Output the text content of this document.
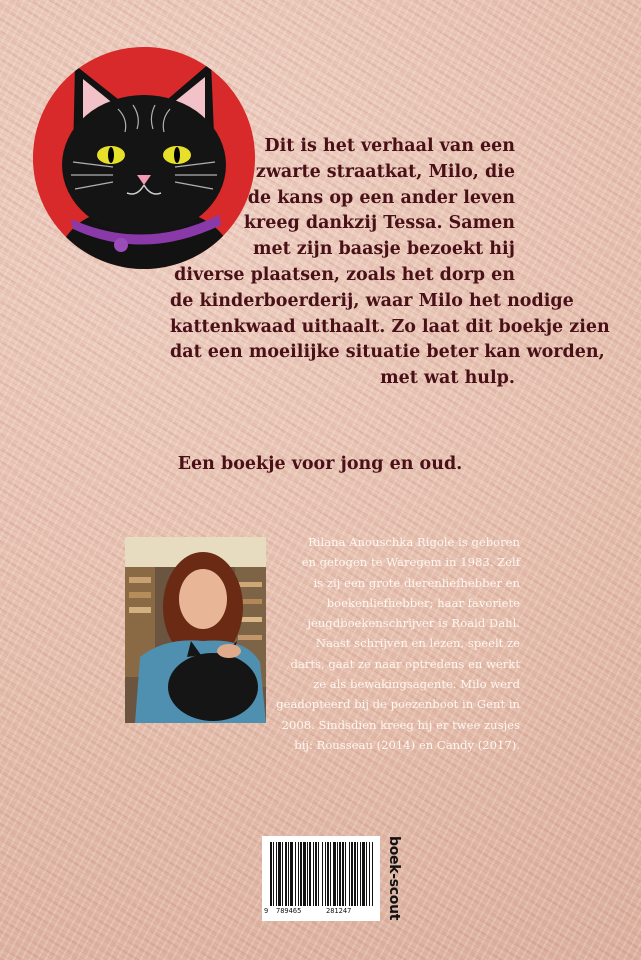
Dit is het verhaal van een
zwarte straatkat, Milo, die
de kans op een ander leven
kreeg dankzij Tessa. Samen
met zijn baasje bezoekt hij
diverse plaatsen, zoals het dorp en
de kinderboerderij, waar Milo het nodige
kattenkwaad uithaalt. Zo laat dit boekje zien
dat een moeilijke situatie beter kan worden,
met wat hulp.

Een boekje voor jong en oud.

Rilana Anouschka Rigole is geboren
en getogen te Waregem in 1983. Zelf
is zij een grote dierenliefhebber en
boekenliefhebber; haar favoriete
jeugdboekenschrijver is Roald Dahl.
Naast schrijven en lezen, speelt ze
darts, gaat ze naar optredens en werkt
ze als bewakingsagente. Milo werd
geadopteerd bij de poezenboot in Gent in
2008. Sindsdien kreeg hij er twee zusjes
bij: Rousseau (2014) en Candy (2017).

9 789465	281247 boek-scout
